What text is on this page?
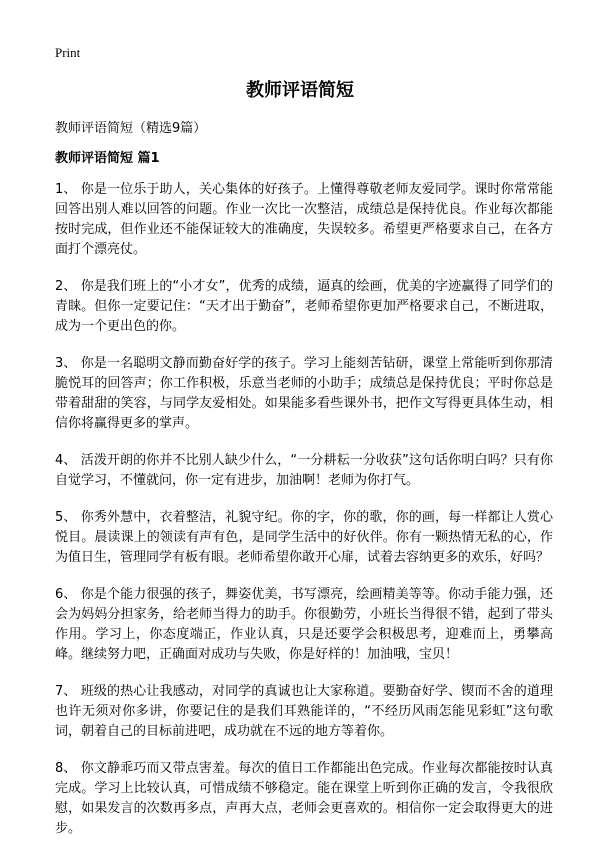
Print
教师评语简短
教师评语简短（精选9篇）
教师评语简短 篇1

1、 你是一位乐于助人，关心集体的好孩子。上懂得尊敬老师友爱同学。课时你常常能回答出别人难以回答的问题。作业一次比一次整洁，成绩总是保持优良。作业每次都能按时完成，但作业还不能保证较大的准确度，失误较多。希望更严格要求自己，在各方面打个漂亮仗。

2、 你是我们班上的“小才女”，优秀的成绩，逼真的绘画，优美的字迹赢得了同学们的青睐。但你一定要记住：“天才出于勤奋”，老师希望你更加严格要求自己，不断进取，成为一个更出色的你。

3、 你是一名聪明文静而勤奋好学的孩子。学习上能刻苦钻研，课堂上常能听到你那清脆悦耳的回答声；你工作积极，乐意当老师的小助手；成绩总是保持优良；平时你总是带着甜甜的笑容，与同学友爱相处。如果能多看些课外书，把作文写得更具体生动，相信你将赢得更多的掌声。

4、 活泼开朗的你并不比别人缺少什么，“一分耕耘一分收获”这句话你明白吗？只有你自觉学习，不懂就问，你一定有进步，加油啊！老师为你打气。

5、 你秀外慧中，衣着整洁，礼貌守纪。你的字，你的歌，你的画，每一样都让人赏心悦目。晨读课上的领读有声有色，是同学生活中的好伙伴。你有一颗热情无私的心，作为值日生，管理同学有板有眼。老师希望你敢开心扉，试着去容纳更多的欢乐，好吗？

6、 你是个能力很强的孩子，舞姿优美，书写漂亮，绘画精美等等。你动手能力强，还会为妈妈分担家务，给老师当得力的助手。你很勤劳，小班长当得很不错，起到了带头作用。学习上，你态度端正，作业认真，只是还要学会积极思考，迎难而上，勇攀高峰。继续努力吧，正确面对成功与失败，你是好样的！加油哦，宝贝！

7、 班级的热心让我感动，对同学的真诚也让大家称道。要勤奋好学、锲而不舍的道理也许无须对你多讲，你要记住的是我们耳熟能详的，“不经历风雨怎能见彩虹”这句歌词，朝着自己的目标前进吧，成功就在不远的地方等着你。

8、 你文静乖巧而又带点害羞。每次的值日工作都能出色完成。作业每次都能按时认真完成。学习上比较认真，可惜成绩不够稳定。能在课堂上听到你正确的发言，令我很欣慰，如果发言的次数再多点，声再大点，老师会更喜欢的。相信你一定会取得更大的进步。
